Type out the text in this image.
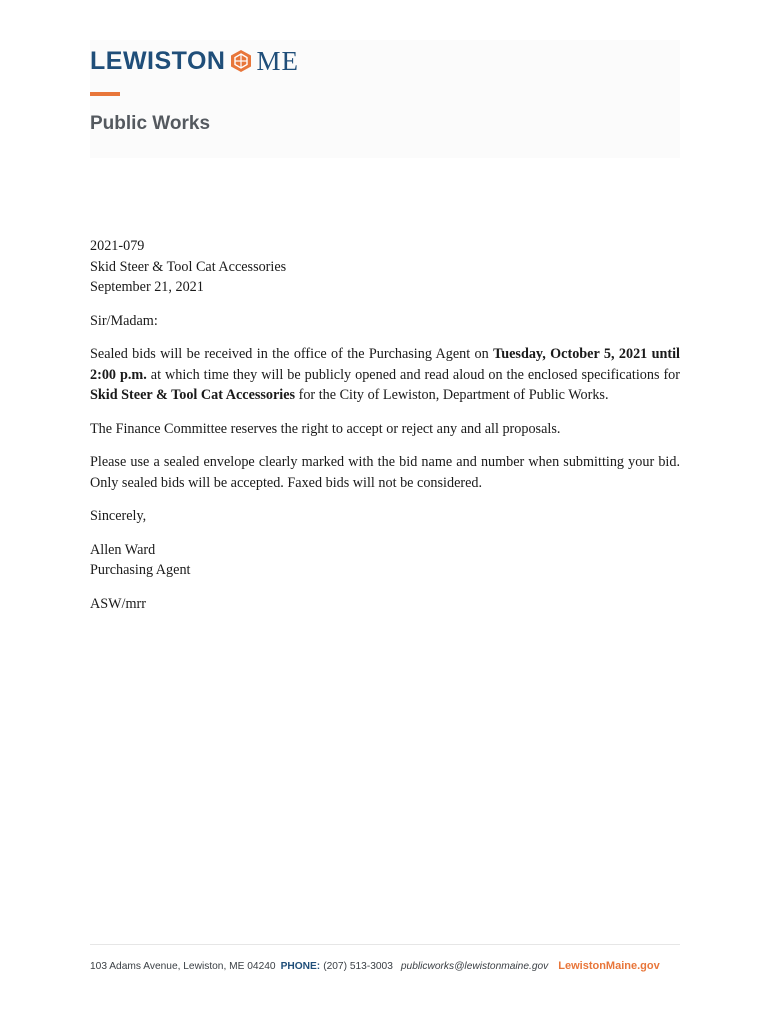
LEWISTON ME
Public Works
2021-079
Skid Steer & Tool Cat Accessories

September 21, 2021

Sir/Madam:

Sealed bids will be received in the office of the Purchasing Agent on Tuesday, October 5, 2021 until 2:00 p.m. at which time they will be publicly opened and read aloud on the enclosed specifications for Skid Steer & Tool Cat Accessories for the City of Lewiston, Department of Public Works.

The Finance Committee reserves the right to accept or reject any and all proposals.

Please use a sealed envelope clearly marked with the bid name and number when submitting your bid. Only sealed bids will be accepted. Faxed bids will not be considered.

Sincerely,

Allen Ward

Purchasing Agent

ASW/mrr

103 Adams Avenue, Lewiston, ME 04240 PHONE: (207) 513-3003 publicworks@lewistonmaine.gov LewistonMaine.gov
